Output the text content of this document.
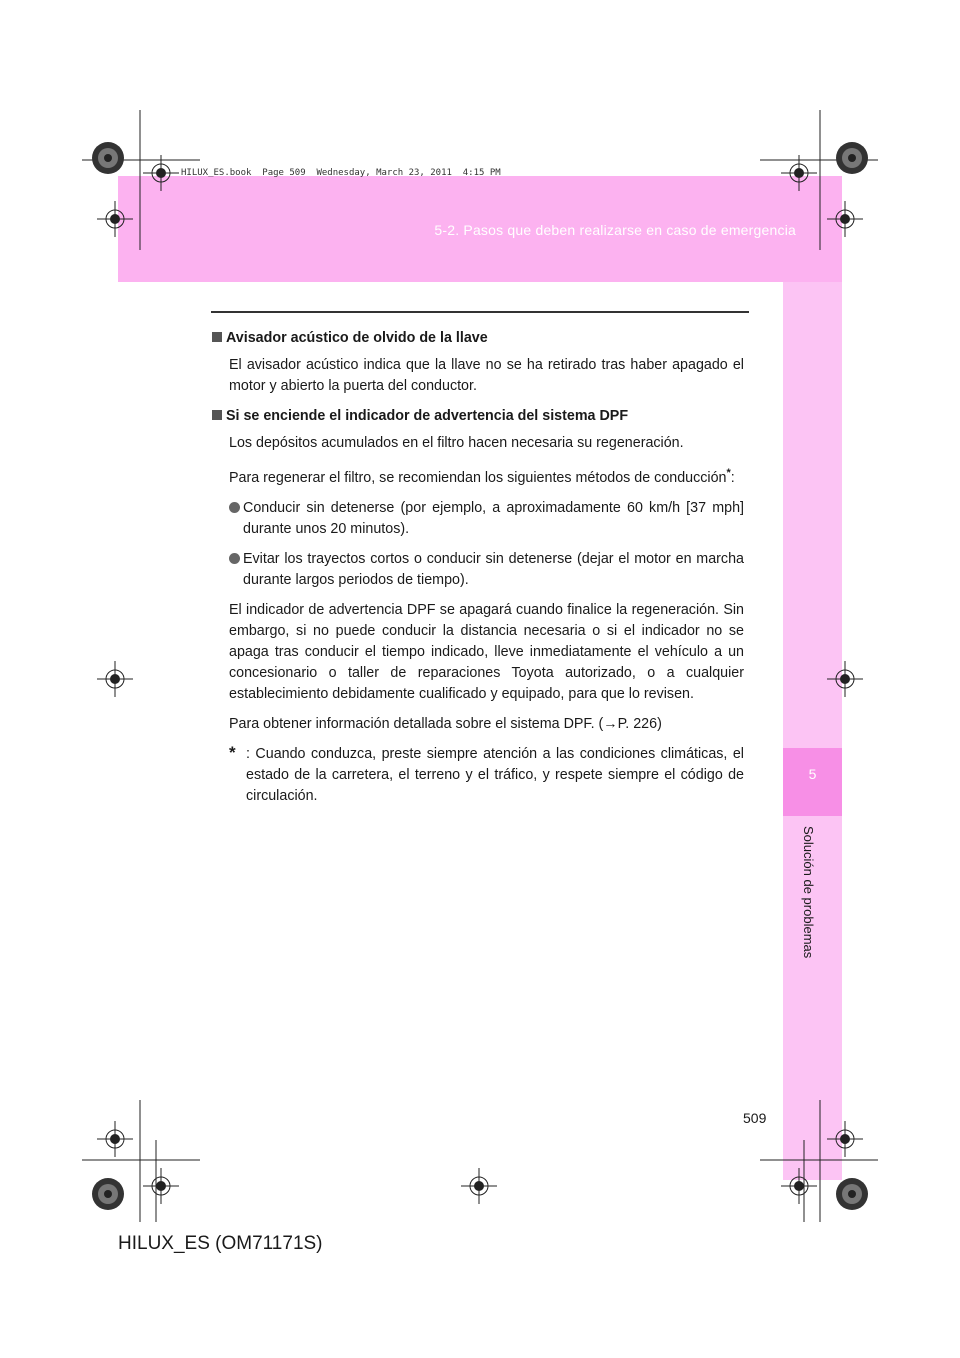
HILUX_ES.book  Page 509  Wednesday, March 23, 2011  4:15 PM
5-2. Pasos que deben realizarse en caso de emergencia
5
Solución de problemas

Avisador acústico de olvido de la llave

El avisador acústico indica que la llave no se ha retirado tras haber apagado el motor y abierto la puerta del conductor.

Si se enciende el indicador de advertencia del sistema DPF

Los depósitos acumulados en el filtro hacen necesaria su regeneración.

Para regenerar el filtro, se recomiendan los siguientes métodos de conducción*:

Conducir sin detenerse (por ejemplo, a aproximadamente 60 km/h [37 mph] durante unos 20 minutos).
Evitar los trayectos cortos o conducir sin detenerse (dejar el motor en marcha durante largos periodos de tiempo).

El indicador de advertencia DPF se apagará cuando finalice la regeneración. Sin embargo, si no puede conducir la distancia necesaria o si el indicador no se apaga tras conducir el tiempo indicado, lleve inmediatamente el vehículo a un concesionario o taller de reparaciones Toyota autorizado, o a cualquier establecimiento debidamente cualificado y equipado, para que lo revisen.

Para obtener información detallada sobre el sistema DPF. (→P. 226)

* : Cuando conduzca, preste siempre atención a las condiciones climáticas, el estado de la carretera, el terreno y el tráfico, y respete siempre el código de circulación.
509
HILUX_ES (OM71171S)
